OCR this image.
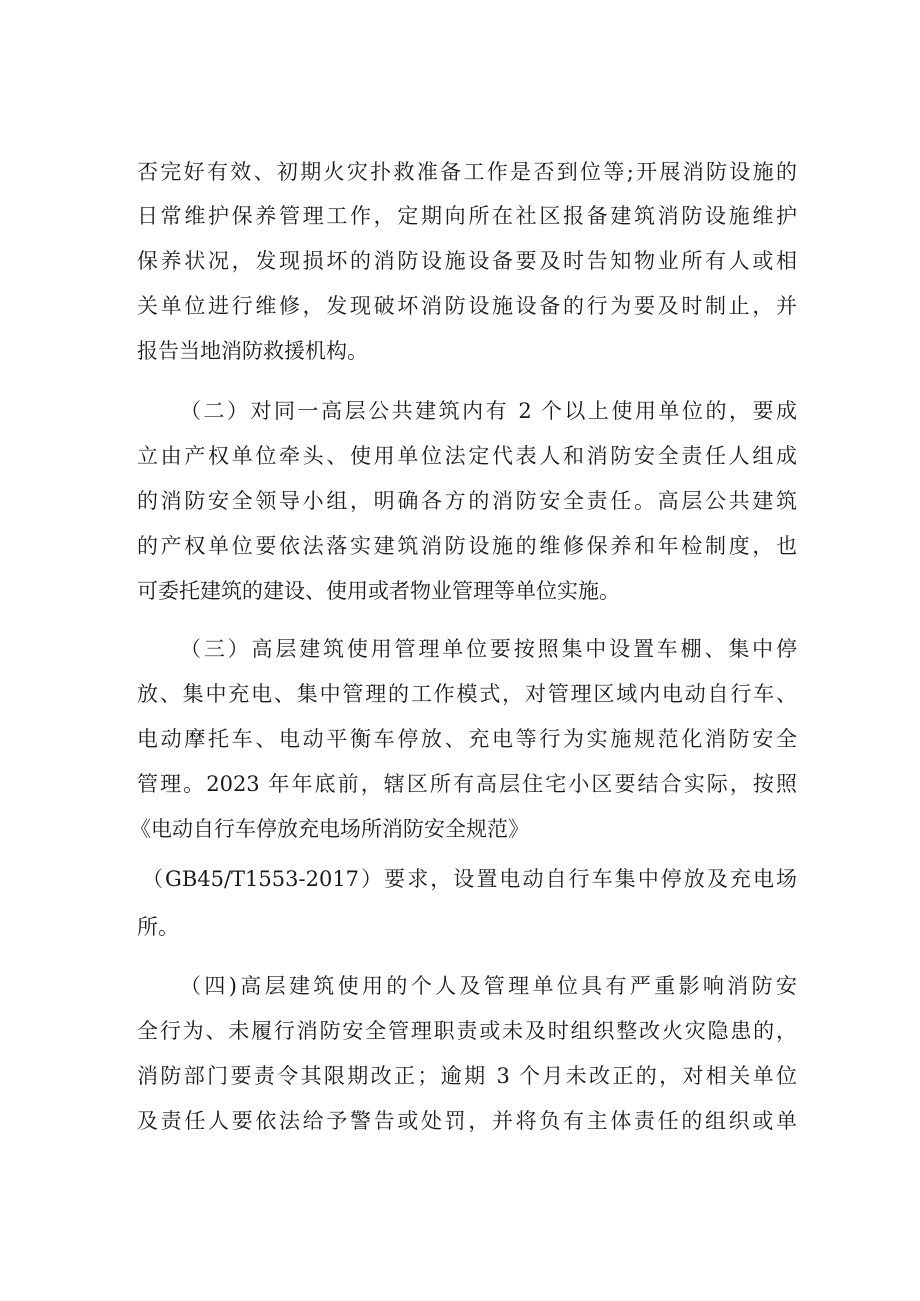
否完好有效、初期火灾扑救准备工作是否到位等;开展消防设施的
日常维护保养管理工作，定期向所在社区报备建筑消防设施维护
保养状况，发现损坏的消防设施设备要及时告知物业所有人或相
关单位进行维修，发现破坏消防设施设备的行为要及时制止，并
报告当地消防救援机构。
（二）对同一高层公共建筑内有 2 个以上使用单位的，要成
立由产权单位牵头、使用单位法定代表人和消防安全责任人组成
的消防安全领导小组，明确各方的消防安全责任。高层公共建筑
的产权单位要依法落实建筑消防设施的维修保养和年检制度，也
可委托建筑的建设、使用或者物业管理等单位实施。
（三）高层建筑使用管理单位要按照集中设置车棚、集中停
放、集中充电、集中管理的工作模式，对管理区域内电动自行车、
电动摩托车、电动平衡车停放、充电等行为实施规范化消防安全
管理。2023 年年底前，辖区所有高层住宅小区要结合实际，按照
《电动自行车停放充电场所消防安全规范》
（GB45/T1553-2017）要求，设置电动自行车集中停放及充电场
所。
（四)高层建筑使用的个人及管理单位具有严重影响消防安
全行为、未履行消防安全管理职责或未及时组织整改火灾隐患的，
消防部门要责令其限期改正；逾期 3 个月未改正的，对相关单位
及责任人要依法给予警告或处罚，并将负有主体责任的组织或单
